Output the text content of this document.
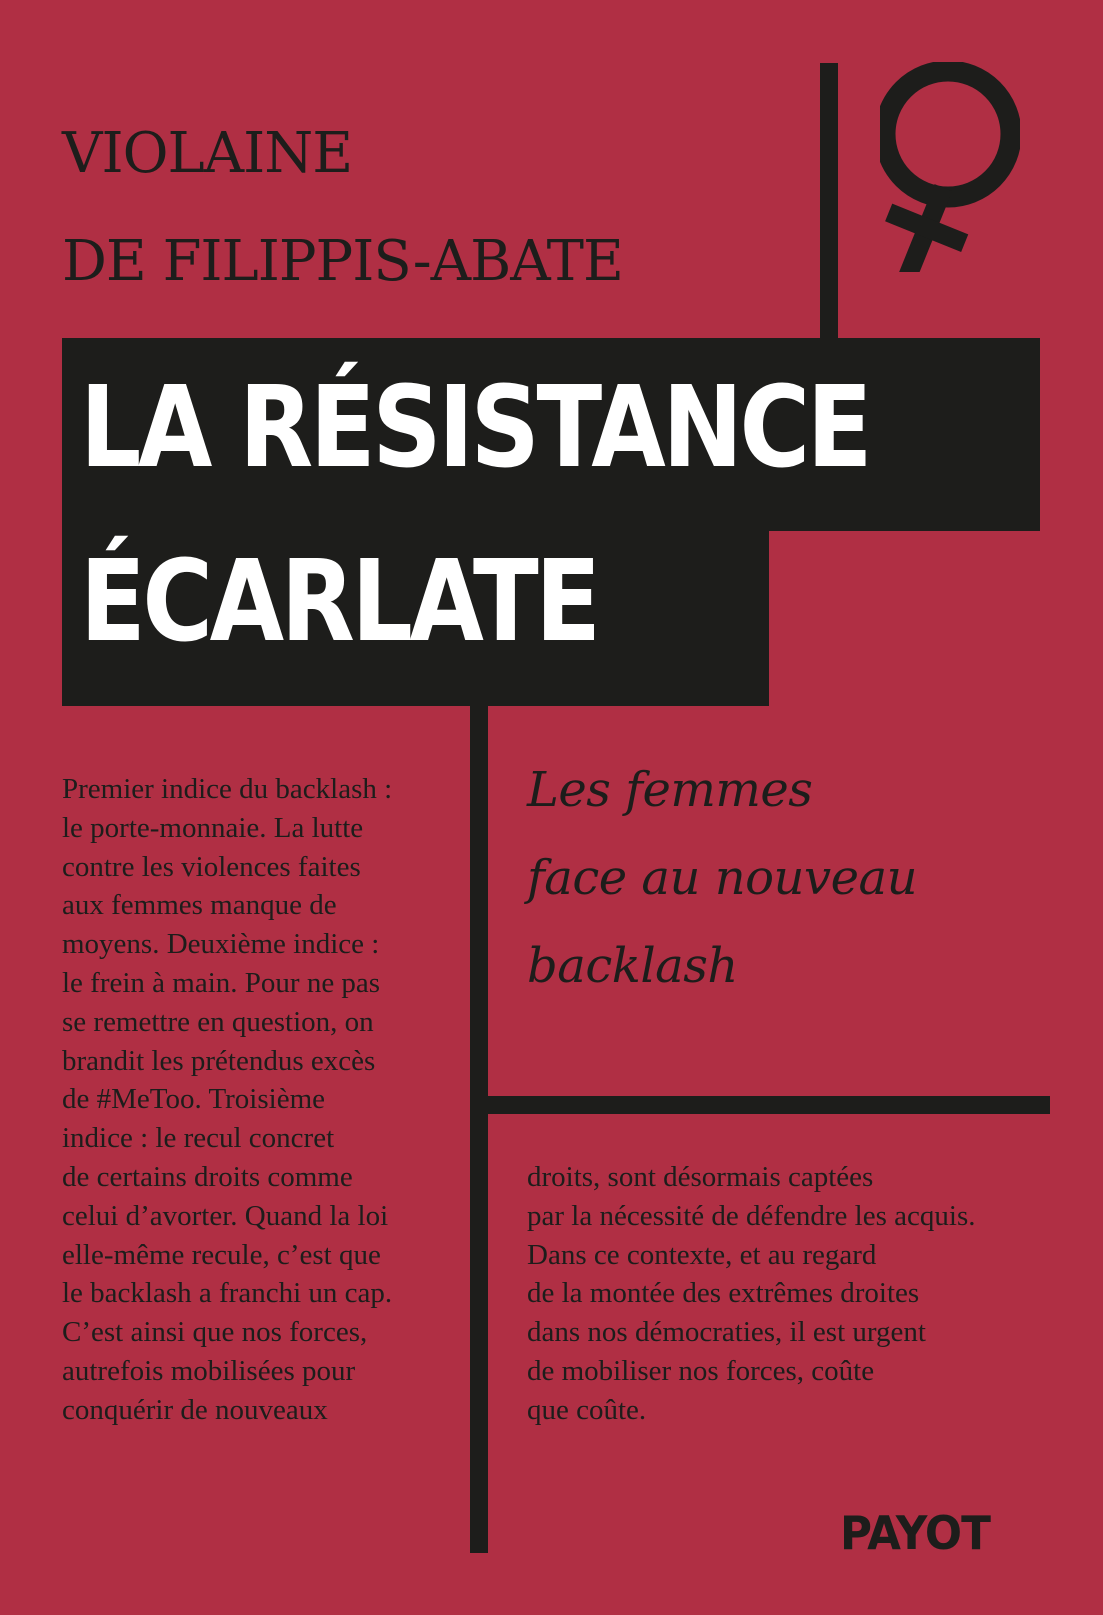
VIOLAINE
DE FILIPPIS-ABATE
LA RÉSISTANCE
ÉCARLATE
Les femmes
face au nouveau
backlash
Premier indice du backlash :
le porte-monnaie. La lutte
contre les violences faites
aux femmes manque de
moyens. Deuxième indice :
le frein à main. Pour ne pas
se remettre en question, on
brandit les prétendus excès
de #MeToo. Troisième
indice : le recul concret
de certains droits comme
celui d’avorter. Quand la loi
elle-même recule, c’est que
le backlash a franchi un cap.
C’est ainsi que nos forces,
autrefois mobilisées pour
conquérir de nouveaux
droits, sont désormais captées
par la nécessité de défendre les acquis.
Dans ce contexte, et au regard
de la montée des extrêmes droites
dans nos démocraties, il est urgent
de mobiliser nos forces, coûte
que coûte.
PAYOT
